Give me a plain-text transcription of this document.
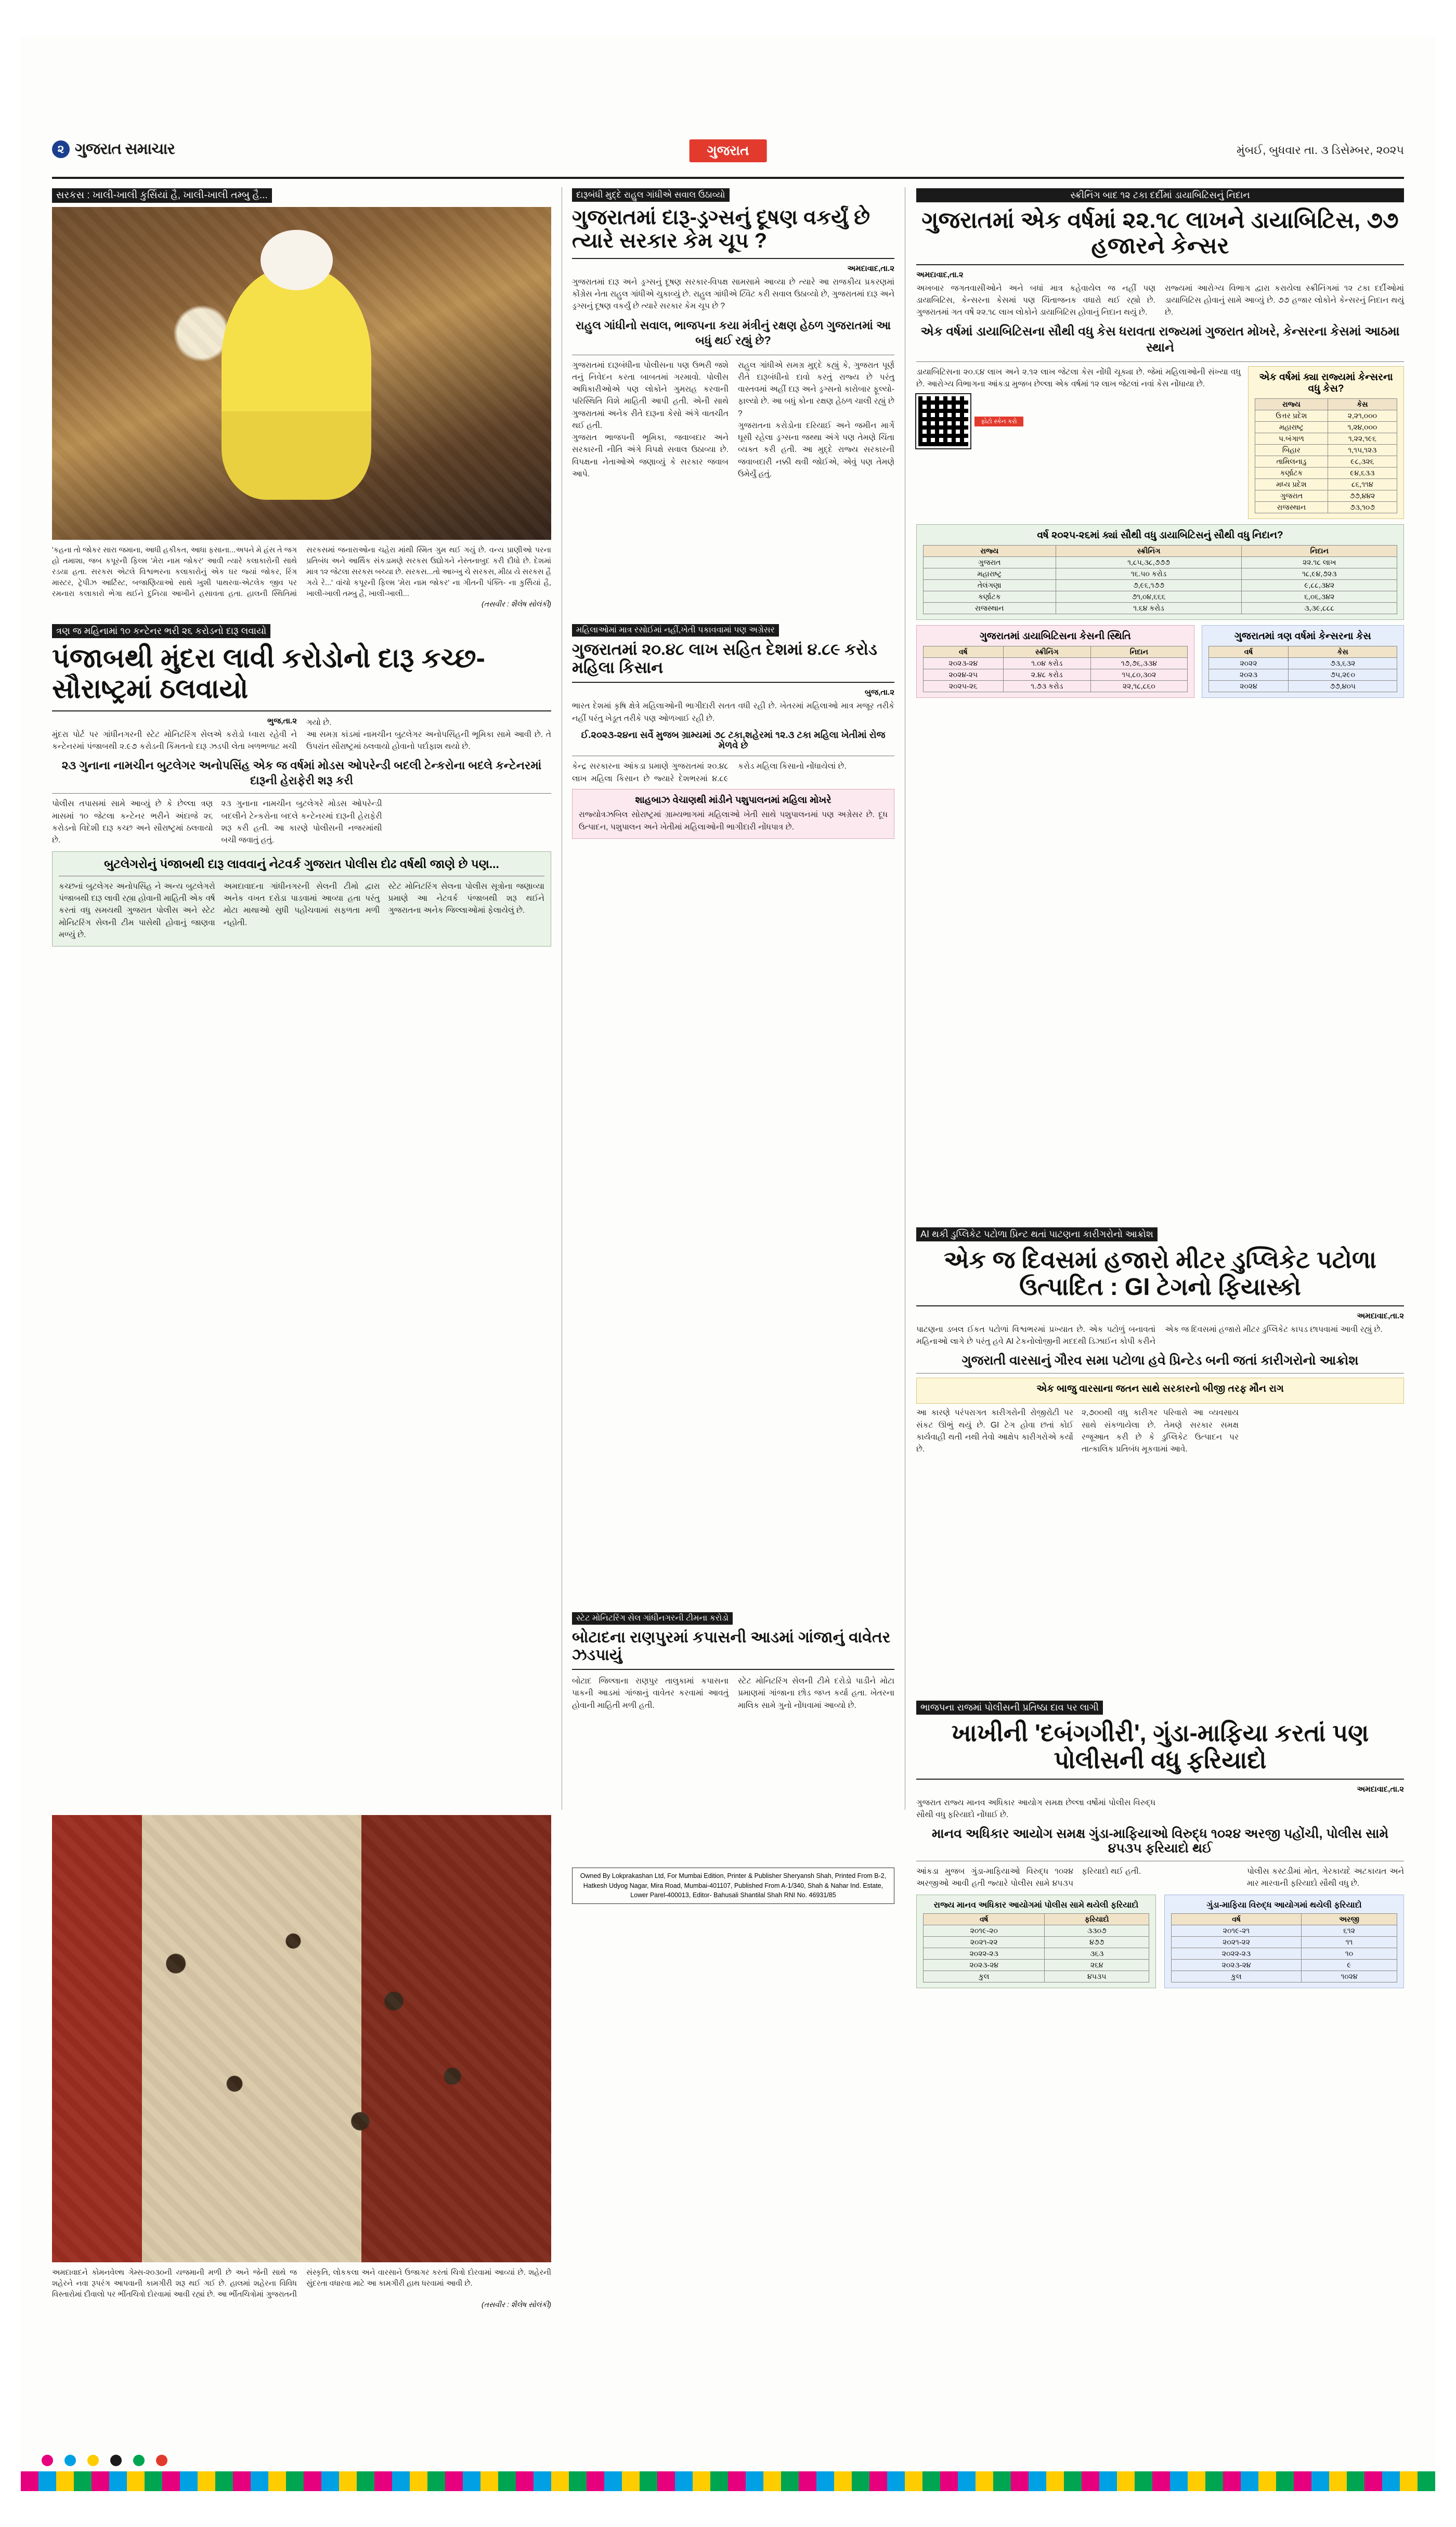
૨ ગુજરાત સમાચાર	ગુજરાત	મુંબઈ, બુધવાર તા. ૩ ડિસેમ્બર, ૨૦૨૫
સરકસ : ખાલી-ખાલી કુર્સિયાં હૈ, ખાલી-ખાલી તમ્બુ હૈ...
'કહના તો જોકર સારા જમાના, આધી હકીકત, આધા ફસાના...અપને મે હંસ તે જગ હો તમાશા, જબ કપૂરની ફિલ્મ 'મેરા નામ જોકર' આવી ત્યારે કલાકારોની સાથે રડયા હતા. સરકસ એટલે વિશ્વભરના કલાકારોનું એક ઘર જ્યાં જોકર, રિંગ માસ્ટર, ટ્રેપીઝ આર્ટિસ્ટ, બજાણિયાઓ સાથે ખુશી પાથરવા-એટલેક જીવ પર રમનારા કલાકારો ભેગા થઈને દુનિયા આખીને હસાવતા હતા. હાલની સ્થિતિમાં સરકસમાં જનારાઓના ચહેરા માંથી સ્મિત ગુમ થઈ ગયું છે. વન્ય પ્રાણીઓ પરના પ્રતિબંધ અને આર્થિક સંકડામણે સરકસ ઉદ્યોગને નેસ્તનાબુદ કરી દીધો છે. દેશમાં માત્ર ૧૨ જેટલા સરકસ બચ્યા છે. સરકસ...તો આખ્ખુ ચે સરકસ, મીઠા યે સરકસ હૈ ગયે રે...' વાંચો કપૂરની ફિલ્મ 'મેરા નામ જોકર' ના ગીતની પંક્તિ- ના કુર્સિયાં હૈ, ખાલી-ખાલી તમ્બુ હૈ, ખાલી-ખાલી...
(તસવીર : શૈલેષ સોલંકી)
દારૂબંધી મુદ્દે રાહુલ ગાંધીએ સવાલ ઉઠાવ્યો
ગુજરાતમાં દારૂ-ડ્રગ્સનું દૂષણ વકર્યું છે ત્યારે સરકાર કેમ ચૂપ ?
અમદાવાદ,તા.૨
ગુજરાતમાં દારૂ અને ડ્રગ્સનું દૂષણ સરકાર-વિપક્ષ સામસામે આવ્યા છે ત્યારે આ રાજકીય પ્રકરણમાં કોંગ્રેસ નેતા રાહુલ ગાંધીએ ચુકાવ્યું છે. રાહુલ ગાંધીએ ટ્વિટ કરી સવાલ ઉઠાવ્યો છે, ગુજરાતમાં દારૂ અને ડ્રગ્સનું દૂષણ વકર્યું છે ત્યારે સરકાર કેમ ચૂપ છે ?
રાહુલ ગાંધીનો સવાલ, ભાજપના કયા મંત્રીનું રક્ષણ હેઠળ ગુજરાતમાં આ બધું થઈ રહ્યું છે?
ગુજરાતમાં દારૂબંધીના પોલીસના પણ ઉભરી જશે તનું નિવેદન કરતા બાબતમાં ગરમાવો. પોલીસ અધિકારીઓએ પણ લોકોને ગુમરાહ કરવાની પરિસ્થિતિ વિશે માહિતી આપી હતી. એની સાથે ગુજરાતમાં અનેક રીતે દારૂના કેસો અંગે વાતચીત થઈ હતી.
ગુજરાત ભાજપની ભૂમિકા, જવાબદાર અને સરકારની નીતિ અંગે વિપક્ષે સવાલ ઉઠાવ્યા છે. વિપક્ષના નેતાઓએ જણાવ્યું કે સરકાર જવાબ આપે.
રાહુલ ગાંધીએ સમગ્ર મુદ્દે કહ્યું કે, ગુજરાત પૂર્ણ રીતે દારૂબંધીનો દાવો કરતું રાજ્ય છે પરંતુ વાસ્તવમાં અહીં દારૂ અને ડ્રગ્સનો કારોબાર ફૂલ્યો-ફાલ્યો છે. આ બધું કોના રક્ષણ હેઠળ ચાલી રહ્યું છે ?
ગુજરાતના કરોડોના દરિયાઈ અને જમીન માર્ગે ઘૂસી રહેલા ડ્રગ્સના જથ્થા અંગે પણ તેમણે ચિંતા વ્યક્ત કરી હતી. આ મુદ્દે રાજ્ય સરકારની જવાબદારી નક્કી થવી જોઈએ, એવું પણ તેમણે ઉમેર્યું હતું.
સ્ક્રીનિંગ બાદ ૧૨ ટકા દર્દીમાં ડાયાબિટિસનું નિદાન
ગુજરાતમાં એક વર્ષમાં ૨૨.૧૮ લાખને ડાયાબિટિસ, ૭૭ હજારને કેન્સર
અમદાવાદ,તા.૨
અખબાર જગતવાસીઓને અને બધાં માત્ર કહેવાયેલ જ નહીં પણ ડાયાબિટિસ, કેન્સરના કેસમાં પણ ચિંતાજનક વધારો થઈ રહ્યો છે. ગુજરાતમાં ગત વર્ષે ૨૨.૧૮ લાખ લોકોને ડાયાબિટિસ હોવાનું નિદાન થયું છે.
રાજ્યમાં આરોગ્ય વિભાગ દ્વારા કરાયેલા સ્ક્રીનિંગમાં ૧૨ ટકા દર્દીઓમાં ડાયાબિટિસ હોવાનું સામે આવ્યું છે. ૭૭ હજાર લોકોને કેન્સરનું નિદાન થયું છે.
એક વર્ષમાં ડાયાબિટિસના સૌથી વધુ કેસ ધરાવતા રાજ્યમાં ગુજરાત મોખરે, કેન્સરના કેસમાં આઠમા સ્થાને
ડાયાબિટિસના ૨૦.૬૪ લાખ અને ૨.૧૨ લાખ જેટલા કેસ નોંધી ચૂક્યા છે. જેમાં મહિલાઓની સંખ્યા વધુ છે. આરોગ્ય વિભાગના આંકડા મુજબ છેલ્લા એક વર્ષમાં ૧૨ લાખ જેટલાં નવાં કેસ નોંધાયા છે.
ફોટો સ્કેન કરો
એક વર્ષમાં ક્યા રાજ્યમાં કેન્સરના વધુ કેસ?
રાજ્ય	કેસ
ઉત્તર પ્રદેશ	૨,૨૧,૦૦૦
મહારાષ્ટ્ર	૧,૨૪,૦૦૦
પ.બંગાળ	૧,૨૨,૧૯૬
બિહાર	૧,૧૫,૧૨૩
તામિલનાડુ	૯૮,૩૨૬
કર્ણાટક	૯૪,૬૩૩
મધ્ય પ્રદેશ	૮૬,૧૧૪
ગુજરાત	૭૭,૪૪૨
રાજસ્થાન	૭૩,૧૦૭
વર્ષ ૨૦૨૫-૨૬માં ક્યાં સૌથી વધુ ડાયાબિટિસનું સૌથી વધુ નિદાન?
રાજ્ય	સ્ક્રીનિંગ	નિદાન
ગુજરાત	૧,૮૫,૩૮,૭૭૭	૨૨.૧૮ લાખ
મહારાષ્ટ્ર	૧૬.૫૦ કરોડ	૧૮,૯૪,૭૨૩
તેલંગણા	૭,૯૬,૧૭૭	૯,૮૮,૩૪૨
કર્ણાટક	૭૧,૦૪,૬૬૬	૬,૦૬,૩૪૨
રાજસ્થાન	૧.૬૪ કરોડ	૩,૩૯,૮૮૮
ગુજરાતમાં ડાયાબિટિસના કેસની સ્થિતિ
વર્ષ	સ્ક્રીનિંગ	નિદાન
૨૦૨૩-૨૪	૧.૦૪ કરોડ	૧૭,૭૬,૩૩૪
૨૦૨૪-૨૫	૨.૪૮ કરોડ	૧૫,૮૦,૩૦૨
૨૦૨૫-૨૬	૧.૭૩ કરોડ	૨૨,૧૮,૮૬૦
ગુજરાતમાં ત્રણ વર્ષમાં કેન્સરના કેસ
વર્ષ	કેસ
૨૦૨૨	૭૩,૬૩૨
૨૦૨૩	૭૫,૨૯૦
૨૦૨૪	૭૭,૪૦૫
ત્રણ જ મહિનામાં ૧૦ કન્ટેનર ભરી ૨૬ કરોડનો દારૂ લવાયો
પંજાબથી મુંદરા લાવી કરોડોનો દારૂ કચ્છ-સૌરાષ્ટ્રમાં ઠલવાયો
ભુજ,તા.૨
મુંદરા પોર્ટ પર ગાંધીનગરની સ્ટેટ મોનિટરિંગ સેલએ કરોડો ધ્વારા રહેવી ને કન્ટેનરમાં પંજાબથી ૨.૯૭ કરોડની કિંમતનો દારૂ ઝડપી લેતા ખળભળાટ મચી ગયો છે.
આ સમગ્ર કાંડમાં નામચીન બુટલેગર અનોપસિંહની ભૂમિકા સામે આવી છે. તે ઉપરાંત સૌરાષ્ટ્રમાં ઠલવાયો હોવાનો પર્દાફાશ થયો છે.
૨૩ ગુનાના નામચીન બુટલેગર અનોપસિંહ એક જ વર્ષમાં મોડસ ઓપરેન્ડી બદલી ટેન્કરોના બદલે કન્ટેનરમાં દારૂની હેરાફેરી શરૂ કરી
પોલીસ તપાસમાં સામે આવ્યું છે કે છેલ્લા ત્રણ માસમાં ૧૦ જેટલા કન્ટેનર ભરીને અંદાજે ૨૬ કરોડનો વિદેશી દારૂ કચ્છ અને સૌરાષ્ટ્રમાં ઠલવાયો છે.
૨૩ ગુનાના નામચીન બુટલેગરે મોડસ ઓપરેન્ડી બદલીને ટેન્કરોના બદલે કન્ટેનરમાં દારૂની હેરાફેરી શરૂ કરી હતી. આ કારણે પોલીસની નજરમાંથી બચી જવાતું હતું.
બુટલેગરોનું પંજાબથી દારૂ લાવવાનું નેટવર્ક ગુજરાત પોલીસ દોઢ વર્ષથી જાણે છે પણ...
કચ્છનાં બુટલેગર અનોપસિંહ ને અન્ય બુટલેગરો પંજાબથી દારૂ લાવી રહ્યા હોવાની માહિતી એક વર્ષ કરતાં વધુ સમયથી ગુજરાત પોલીસ અને સ્ટેટ મોનિટરિંગ સેલની ટીમ પાસેથી હોવાનું જાણવા મળ્યું છે.
અમદાવાદના ગાંધીનગરની સેલની ટીમો દ્વારા અનેક વખત દરોડા પાડવામાં આવ્યા હતા પરંતુ મોટા માથાઓ સુધી પહોંચવામાં સફળતા મળી નહોતી.
સ્ટેટ મોનિટરિંગ સેલના પોલીસ સૂત્રોના જણાવ્યા પ્રમાણે આ નેટવર્ક પંજાબથી શરૂ થઈને ગુજરાતના અનેક જિલ્લાઓમાં ફેલાયેલું છે.
મહિલાઓમાં માત્ર રસોઈમાં નહીં,ખેતી પકાવવામાં પણ અગ્રેસર
ગુજરાતમાં ૨૦.૪૮ લાખ સહિત દેશમાં ૪.૮૯ કરોડ મહિલા કિસાન
બુજ,તા.૨
ભારત દેશમાં કૃષિ ક્ષેત્રે મહિલાઓની ભાગીદારી સતત વધી રહી છે. ખેતરમાં મહિલાઓ માત્ર મજૂર તરીકે નહીં પરંતુ ખેડૂત તરીકે પણ ઓળખાઈ રહી છે.
ઈ.૨૦૨૩-૨૪ના સર્વે મુજબ ગ્રામ્યમાં ૭૮ ટકા,શહેરમાં ૧૨.૩ ટકા મહિલા ખેતીમાં રોજ મેળવે છે
કેન્દ્ર સરકારના આંકડા પ્રમાણે ગુજરાતમાં ૨૦.૪૮ લાખ મહિલા કિસાન છે જ્યારે દેશભરમાં ૪.૮૯ કરોડ મહિલા કિસાનો નોંધાયેલાં છે.
શાહબાઝ વેચાણથી માંડીને પશુપાલનમાં મહિલા મોખરે
રાજ્યોત્રઝબિલ સોરાષ્ટ્રમાં ગ્રામ્યભાગમાં મહિલાઓ ખેતી સાથે પશુપાલનમાં પણ અગ્રેસર છે. દૂધ ઉત્પાદન, પશુપાલન અને ખેતીમાં મહિલાઓની ભાગીદારી નોંધપાત્ર છે.
AI થકી ડુપ્લિકેટ પટોળા પ્રિન્ટ થતાં પાટણના કારીગરોનો આક્રોશ
એક જ દિવસમાં હજારો મીટર ડુપ્લિકેટ પટોળા ઉત્પાદિત : GI ટેગનો ફિયાસ્કો
અમદાવાદ,તા.૨
પાટણના ડબલ ઈકત પટોળાં વિશ્વભરમાં પ્રખ્યાત છે. એક પટોળું બનાવતાં મહિનાઓ લાગે છે પરંતુ હવે AI ટેકનોલોજીની મદદથી ડિઝાઈન કોપી કરીને એક જ દિવસમાં હજારો મીટર ડુપ્લિકેટ કાપડ છાપવામાં આવી રહ્યું છે.
ગુજરાતી વારસાનું ગૌરવ સમા પટોળા હવે પ્રિન્ટેડ બની જતાં કારીગરોનો આક્રોશ
એક બાજુ વારસાના જતન સાથે સરકારનો બીજી તરફ મૌન રાગ
આ કારણે પરંપરાગત કારીગરોની રોજીરોટી પર સંકટ ઊભું થયું છે. GI ટેગ હોવા છતાં કોઈ કાર્યવાહી થતી નથી તેવો આક્ષેપ કારીગરોએ કર્યો છે.
૨,૭૦૦થી વધુ કારીગર પરિવારો આ વ્યવસાય સાથે સંકળાયેલા છે. તેમણે સરકાર સમક્ષ રજૂઆત કરી છે કે ડુપ્લિકેટ ઉત્પાદન પર તાત્કાલિક પ્રતિબંધ મૂકવામાં આવે.
સ્ટેટ મોનિટરિંગ સેલ ગાંધીનગરની ટીમના કરોડો
બોટાદના રાણપુરમાં કપાસની આડમાં ગાંજાનું વાવેતર ઝડપાયું
બોટાદ જિલ્લાના રાણપુર તાલુકામાં કપાસના પાકની આડમાં ગાંજાનું વાવેતર કરવામાં આવતું હોવાની માહિતી મળી હતી.
સ્ટેટ મોનિટરિંગ સેલની ટીમે દરોડો પાડીને મોટા પ્રમાણમાં ગાંજાના છોડ જપ્ત કર્યા હતા. ખેતરના માલિક સામે ગુનો નોંધવામાં આવ્યો છે.
Owned By Lokprakashan Ltd, For Mumbai Edition, Printer & Publisher Sheryansh Shah, Printed From B-2, Hatkesh Udyog Nagar, Mira Road, Mumbai-401107, Published From A-1/340, Shah & Nahar Ind. Estate, Lower Parel-400013, Editor- Bahusali Shantilal Shah RNI No. 46931/85
ભાજપના રાજમાં પોલીસની પ્રતિષ્ઠા દાવ પર લાગી
ખાખીની 'દબંગગીરી', ગુંડા-માફિયા કરતાં પણ પોલીસની વધુ ફરિયાદો
અમદાવાદ,તા.૨
ગુજરાત રાજ્ય માનવ અધિકાર આયોગ સમક્ષ છેલ્લા વર્ષોમાં પોલીસ વિરુદ્ધ સૌથી વધુ ફરિયાદો નોંધાઈ છે.
માનવ અધિકાર આયોગ સમક્ષ ગુંડા-માફિયાઓ વિરુદ્ધ ૧૦૨૪ અરજી પહોંચી, પોલીસ સામે ૪૫૩૫ ફરિયાદો થઈ
આંકડા મુજબ ગુંડા-માફિયાઓ વિરુદ્ધ ૧૦૨૪ અરજીઓ આવી હતી જ્યારે પોલીસ સામે ૪૫૩૫ ફરિયાદો થઈ હતી.	પોલીસ કસ્ટડીમાં મોત, ગેરકાયદે અટકાયત અને માર મારવાની ફરિયાદો સૌથી વધુ છે.
રાજ્ય માનવ અધિકાર આયોગમાં પોલીસ સામે થયેલી ફરિયાદો
વર્ષ	ફરિયાદો
૨૦૧૯-૨૦	૩૩૦૭
૨૦૨૧-૨૨	૪૭૭
૨૦૨૨-૨૩	૩૬૩
૨૦૨૩-૨૪	૨૬૪
કુલ	૪૫૩૫
ગુંડા-માફિયા વિરુદ્ધ આયોગમાં થયેલી ફરિયાદો
વર્ષ	અરજી
૨૦૧૯-૨૧	૬૧૨
૨૦૨૧-૨૨	૧૧
૨૦૨૨-૨૩	૧૦
૨૦૨૩-૨૪	૯
કુલ	૧૦૨૪
અમદાવાદને કોમનવેલ્થ ગેમ્સ-૨૦૩૦ની યજમાની મળી છે અને જેની સાથે જ શહેરને નવા રૂપરંગ આપવાની કામગીરી શરૂ થઈ ગઈ છે. હાલમાં શહેરના વિવિધ વિસ્તારોમાં દીવાલો પર ભીંતચિત્રો દોરવામાં આવી રહ્યાં છે. આ ભીંતચિત્રોમાં ગુજરાતની સંસ્કૃતિ, લોકકલા અને વારસાને ઉજાગર કરતાં ચિત્રો દોરવામાં આવ્યાં છે. શહેરની સુંદરતા વધારવા માટે આ કામગીરી હાથ ધરવામાં આવી છે.
(તસવીર : શૈલેષ સોલંકી)
